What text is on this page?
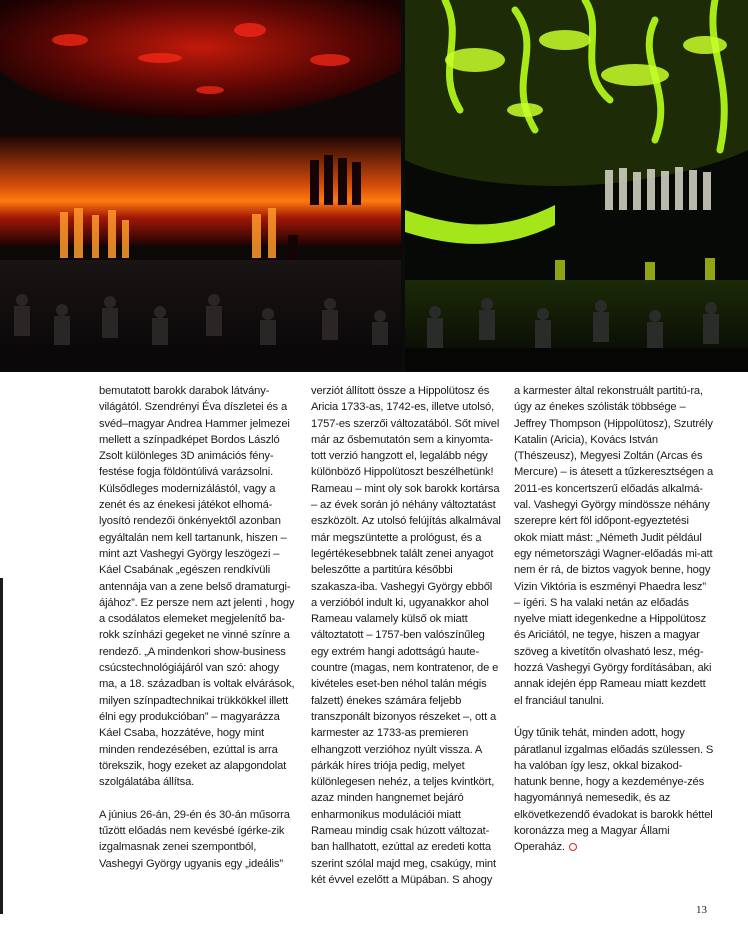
bemutatott barokk darabok látvány-világától. Szendrényi Éva díszletei és a svéd–magyar Andrea Hammer jelmezei mellett a színpadképet Bordos László Zsolt különleges 3D animációs fény-festése fogja földöntúlivá varázsolni. Külsődleges modernizálástól, vagy a zenét és az énekesi játékot elhomá-lyosító rendezői önkényektől azonban egyáltalán nem kell tartanunk, hiszen – mint azt Vashegyi György leszögezi – Káel Csabának „egészen rendkívüli antennája van a zene belső dramaturgi-ájához”. Ez persze nem azt jelenti , hogy a csodálatos elemeket megjelenítő ba-rokk színházi gegeket ne vinné színre a rendező. „A mindenkori show-business csúcstechnológiájáról van szó: ahogy ma, a 18. században is voltak elvárások, milyen színpadtechnikai trükkökkel illett élni egy produkcióban” – magyarázza Káel Csaba, hozzátéve, hogy mint minden rendezésében, ezúttal is arra törekszik, hogy ezeket az alapgondolat szolgálatába állítsa.

A június 26-án, 29-én és 30-án műsorra tűzött előadás nem kevésbé ígérke-zik izgalmasnak zenei szempontból, Vashegyi György ugyanis egy „ideális”

verziót állított össze a Hippolütosz és Aricia 1733-as, 1742-es, illetve utolsó, 1757-es szerzői változatából. Sőt mivel már az ősbemutatón sem a kinyomta-tott verzió hangzott el, legalább négy különböző Hippolütoszt beszélhetünk! Rameau – mint oly sok barokk kortársa – az évek során jó néhány változtatást eszközölt. Az utolsó felújítás alkalmával már megszüntette a prológust, és a legértékesebbnek talált zenei anyagot beleszőtte a partitúra későbbi szakasza-iba. Vashegyi György ebből a verzióból indult ki, ugyanakkor ahol Rameau valamely külső ok miatt változtatott – 1757-ben valószínűleg egy extrém hangi adottságú haute-countre (magas, nem kontratenor, de e kivételes eset-ben néhol talán mégis falzett) énekes számára feljebb transzponált bizonyos részeket –, ott a karmester az 1733-as premieren elhangzott verzióhoz nyúlt vissza. A párkák híres triója pedig, melyet különlegesen nehéz, a teljes kvintkört, azaz minden hangnemet bejáró enharmonikus modulációi miatt Rameau mindig csak húzott változat-ban hallhatott, ezúttal az eredeti kotta szerint szólal majd meg, csakúgy, mint két évvel ezelőtt a Müpában. S ahogy

a karmester által rekonstruált partitú-ra, úgy az énekes szólisták többsége – Jeffrey Thompson (Hippolütosz), Szutrély Katalin (Aricia), Kovács István (Thészeusz), Megyesi Zoltán (Arcas és Mercure) – is átesett a tűzkeresztségen a 2011-es koncertszerű előadás alkalmá-val. Vashegyi György mindössze néhány szerepre kért föl időpont-egyeztetési okok miatt mást: „Németh Judit például egy németországi Wagner-előadás mi-att nem ér rá, de biztos vagyok benne, hogy Vizin Viktória is eszményi Phaedra lesz” – ígéri. S ha valaki netán az előadás nyelve miatt idegenkedne a Hippolütosz és Ariciától, ne tegye, hiszen a magyar szöveg a kivetítőn olvasható lesz, még-hozzá Vashegyi György fordításában, aki annak idején épp Rameau miatt kezdett el franciául tanulni.

Úgy tűnik tehát, minden adott, hogy páratlanul izgalmas előadás szülessen. S ha valóban így lesz, okkal bizakod-hatunk benne, hogy a kezdeménye-zés hagyománnyá nemesedik, és az elkövetkezendő évadokat is barokk héttel koronázza meg a Magyar Állami Operaház.

13
